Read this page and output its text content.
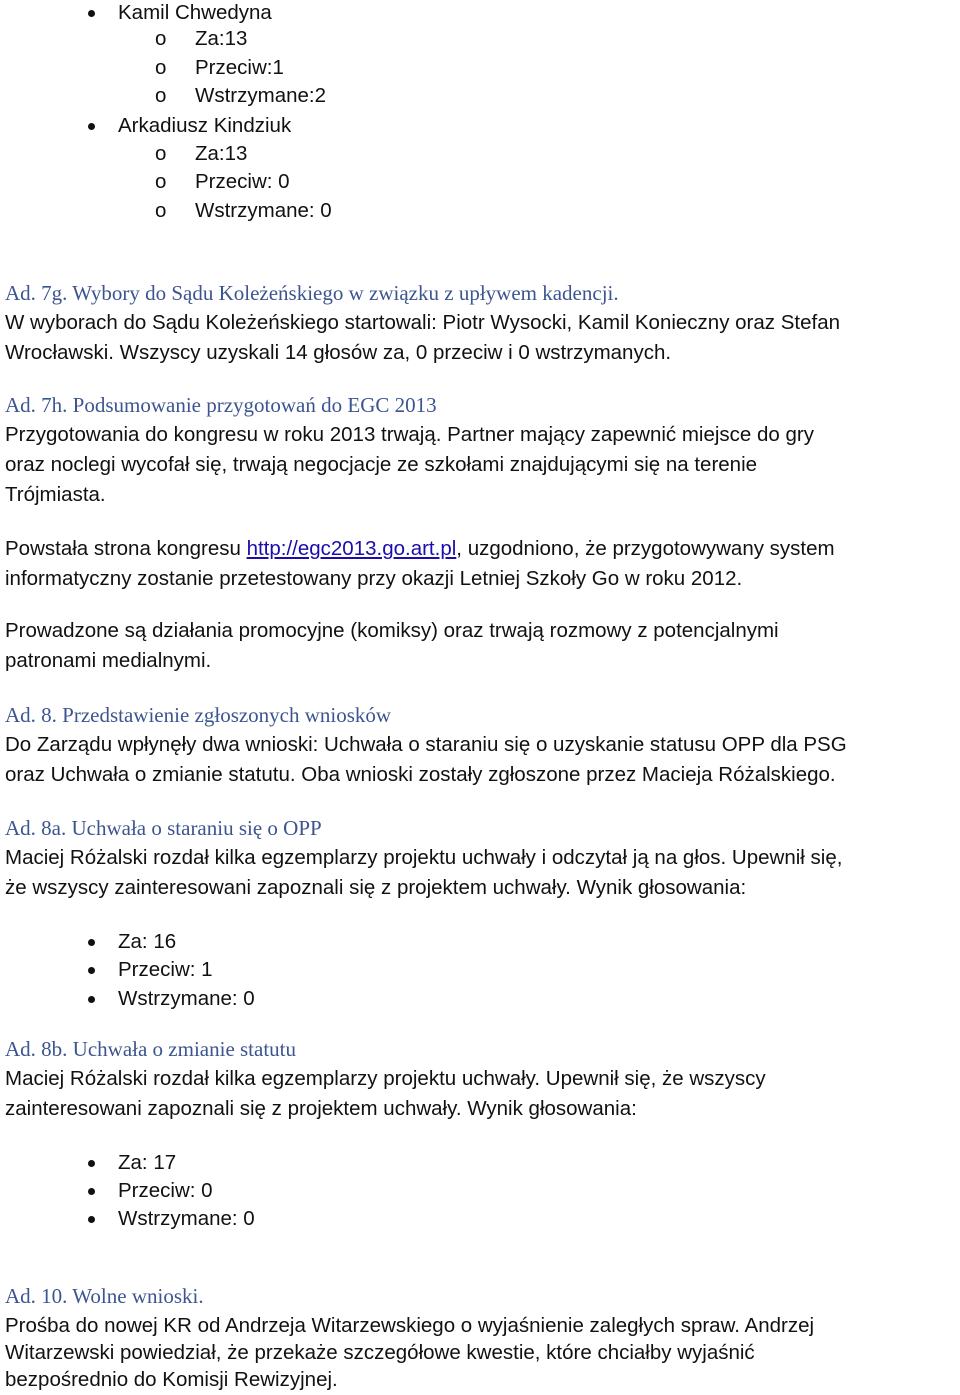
Kamil Chwedyna
o Za:13
o Przeciw:1
o Wstrzymane:2
Arkadiusz Kindziuk
o Za:13
o Przeciw: 0
o Wstrzymane: 0
Ad. 7g. Wybory do Sądu Koleżeńskiego w związku z upływem kadencji.
W wyborach do Sądu Koleżeńskiego startowali: Piotr Wysocki, Kamil Konieczny oraz Stefan
Wrocławski. Wszyscy uzyskali 14 głosów za, 0 przeciw i 0 wstrzymanych.
Ad. 7h. Podsumowanie przygotowań do EGC 2013
Przygotowania do kongresu w roku 2013 trwają. Partner mający zapewnić miejsce do gry
oraz noclegi wycofał się, trwają negocjacje ze szkołami znajdującymi się na terenie
Trójmiasta.
Powstała strona kongresu http://egc2013.go.art.pl, uzgodniono, że przygotowywany system
informatyczny zostanie przetestowany przy okazji Letniej Szkoły Go w roku 2012.
Prowadzone są działania promocyjne (komiksy) oraz trwają rozmowy z potencjalnymi
patronami medialnymi.
Ad. 8. Przedstawienie zgłoszonych wniosków
Do Zarządu wpłynęły dwa wnioski: Uchwała o staraniu się o uzyskanie statusu OPP dla PSG
oraz Uchwała o zmianie statutu. Oba wnioski zostały zgłoszone przez Macieja Różalskiego.
Ad. 8a. Uchwała o staraniu się o OPP
Maciej Różalski rozdał kilka egzemplarzy projektu uchwały i odczytał ją na głos. Upewnił się,
że wszyscy zainteresowani zapoznali się z projektem uchwały. Wynik głosowania:
Za: 16
Przeciw: 1
Wstrzymane: 0
Ad. 8b. Uchwała o zmianie statutu
Maciej Różalski rozdał kilka egzemplarzy projektu uchwały. Upewnił się, że wszyscy
zainteresowani zapoznali się z projektem uchwały. Wynik głosowania:
Za: 17
Przeciw: 0
Wstrzymane: 0
Ad. 10. Wolne wnioski.
Prośba do nowej KR od Andrzeja Witarzewskiego o wyjaśnienie zaległych spraw. Andrzej
Witarzewski powiedział, że przekaże szczegółowe kwestie, które chciałby wyjaśnić
bezpośrednio do Komisji Rewizyjnej.
